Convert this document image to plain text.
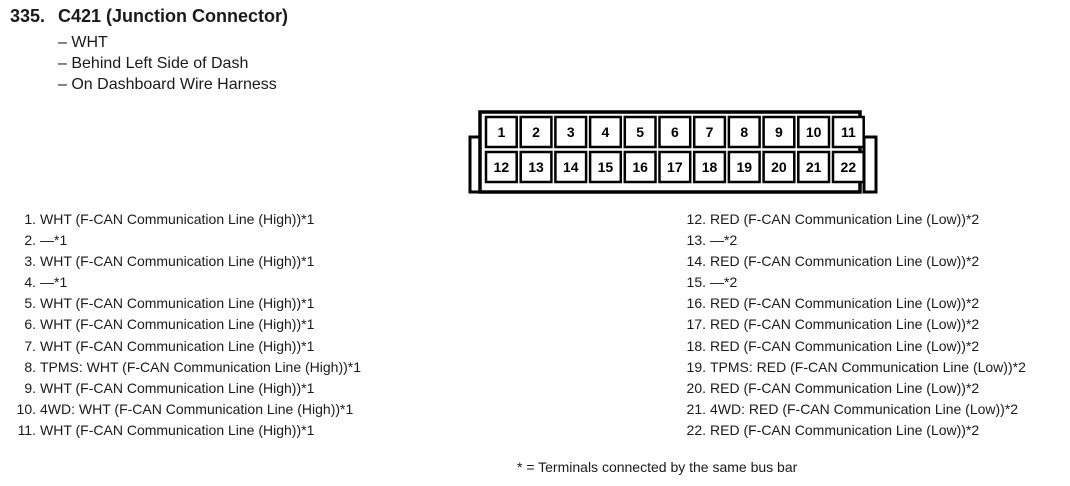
335. C421 (Junction Connector)
– WHT
– Behind Left Side of Dash
– On Dashboard Wire Harness
1	2	3	4	5	6	7	8	9	10	11
12	13	14	15	16	17	18	19	20	21	22
1. WHT (F-CAN Communication Line (High))*1
2. —*1
3. WHT (F-CAN Communication Line (High))*1
4. —*1
5. WHT (F-CAN Communication Line (High))*1
6. WHT (F-CAN Communication Line (High))*1
7. WHT (F-CAN Communication Line (High))*1
8. TPMS: WHT (F-CAN Communication Line (High))*1
9. WHT (F-CAN Communication Line (High))*1
10. 4WD: WHT (F-CAN Communication Line (High))*1
11. WHT (F-CAN Communication Line (High))*1
12. RED (F-CAN Communication Line (Low))*2
13. —*2
14. RED (F-CAN Communication Line (Low))*2
15. —*2
16. RED (F-CAN Communication Line (Low))*2
17. RED (F-CAN Communication Line (Low))*2
18. RED (F-CAN Communication Line (Low))*2
19. TPMS: RED (F-CAN Communication Line (Low))*2
20. RED (F-CAN Communication Line (Low))*2
21. 4WD: RED (F-CAN Communication Line (Low))*2
22. RED (F-CAN Communication Line (Low))*2
* = Terminals connected by the same bus bar
